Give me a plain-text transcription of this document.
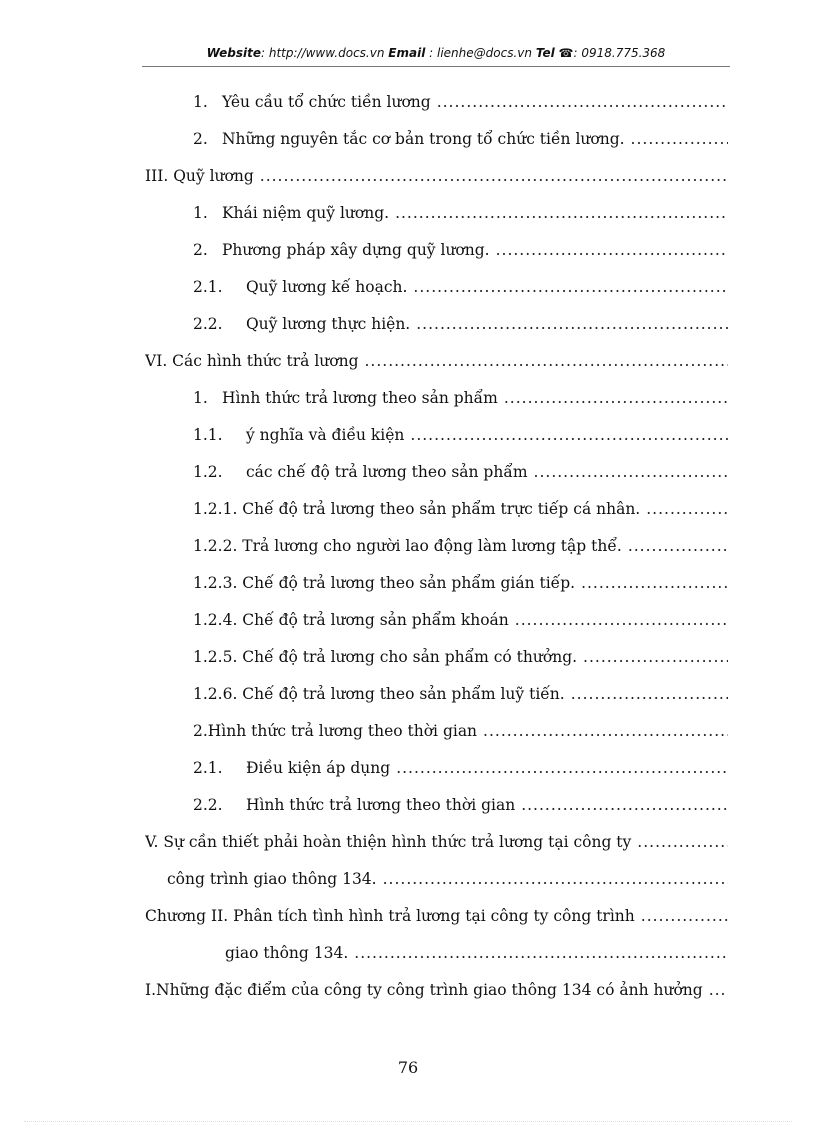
Website: http://www.docs.vn Email : lienhe@docs.vn Tel ☎: 0918.775.368
1. Yêu cầu tổ chức tiền lương
.....
2. Những nguyên tắc cơ bản trong tổ chức tiền lương.
.....
III. Quỹ lương
.....
1. Khái niệm quỹ lương.
.....
2. Phương pháp xây dựng quỹ lương.
.....
2.1. Quỹ lương kế hoạch.
.....
2.2. Quỹ lương thực hiện.
.....
VI. Các hình thức trả lương
.....
1. Hình thức trả lương theo sản phẩm
.....
1.1. ý nghĩa và điều kiện
.....
1.2. các chế độ trả lương theo sản phẩm
.....
1.2.1. Chế độ trả lương theo sản phẩm trực tiếp cá nhân.
.....
1.2.2. Trả lương cho người lao động làm lương tập thể.
.....
1.2.3. Chế độ trả lương theo sản phẩm gián tiếp.
.....
1.2.4. Chế độ trả lương sản phẩm khoán
.....
1.2.5. Chế độ trả lương cho sản phẩm có thưởng.
.....
1.2.6. Chế độ trả lương theo sản phẩm luỹ tiến.
.....
2.Hình thức trả lương theo thời gian
.....
2.1. Điều kiện áp dụng
.....
2.2. Hình thức trả lương theo thời gian
.....
V. Sự cần thiết phải hoàn thiện hình thức trả lương tại công ty
.....
công trình giao thông 134.
.....
Chương II. Phân tích tình hình trả lương tại công ty công trình
.....
giao thông 134.
.....
I.Những đặc điểm của công ty công trình giao thông 134 có ảnh hưởng
.....
76
